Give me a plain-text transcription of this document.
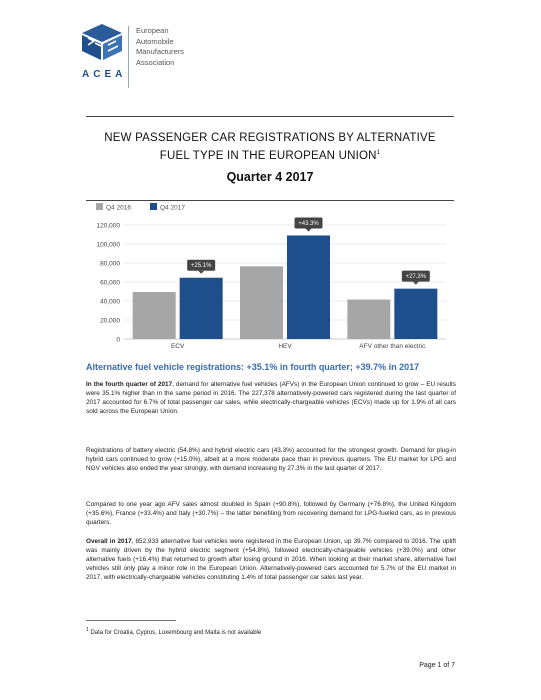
ACEA
European
Automobile
Manufacturers
Association
NEW PASSENGER CAR REGISTRATIONS BY ALTERNATIVE
FUEL TYPE IN THE EUROPEAN UNION$^1$
Quarter 4 2017
Q4 2016	Q4 2017
0
20,000
40,000
60,000
80,000
100,000
120,000
+25.1%
ECV
+43.3%
HEV
+27.3%
AFV other than electric
Alternative fuel vehicle registrations: +35.1% in fourth quarter; +39.7% in 2017

In the fourth quarter of 2017, demand for alternative fuel vehicles (AFVs) in the European Union continued to grow – EU results were 35.1% higher than in the same period in 2016. The 227,378 alternatively-powered cars registered during the last quarter of 2017 accounted for 6.7% of total passenger car sales, while electrically-chargeable vehicles (ECVs) made up for 1.9% of all cars sold across the European Union.

Registrations of battery electric (54.8%) and hybrid electric cars (43.3%) accounted for the strongest growth. Demand for plug-in hybrid cars continued to grow (+15.0%), albeit at a more moderate pace than in previous quarters. The EU market for LPG and NGV vehicles also ended the year strongly, with demand increasing by 27.3% in the last quarter of 2017.

Compared to one year ago AFV sales almost doubled in Spain (+90.8%), followed by Germany (+76.8%), the United Kingdom (+35.6%), France (+33.4%) and Italy (+30.7%) – the latter benefiting from recovering demand for LPG-fuelled cars, as in previous quarters.

Overall in 2017, 852,933 alternative fuel vehicles were registered in the European Union, up 39.7% compared to 2016. The uplift was mainly driven by the hybrid electric segment (+54.8%), followed electrically-chargeable vehicles (+39.0%) and other alternative fuels (+16.4%) that returned to growth after losing ground in 2016. When looking at their market share, alternative fuel vehicles still only play a minor role in the European Union. Alternatively-powered cars accounted for 5.7% of the EU market in 2017, with electrically-chargeable vehicles constituting 1.4% of total passenger car sales last year.

$^1$ Data for Croatia, Cyprus, Luxembourg and Malta is not available
Page 1 of 7
